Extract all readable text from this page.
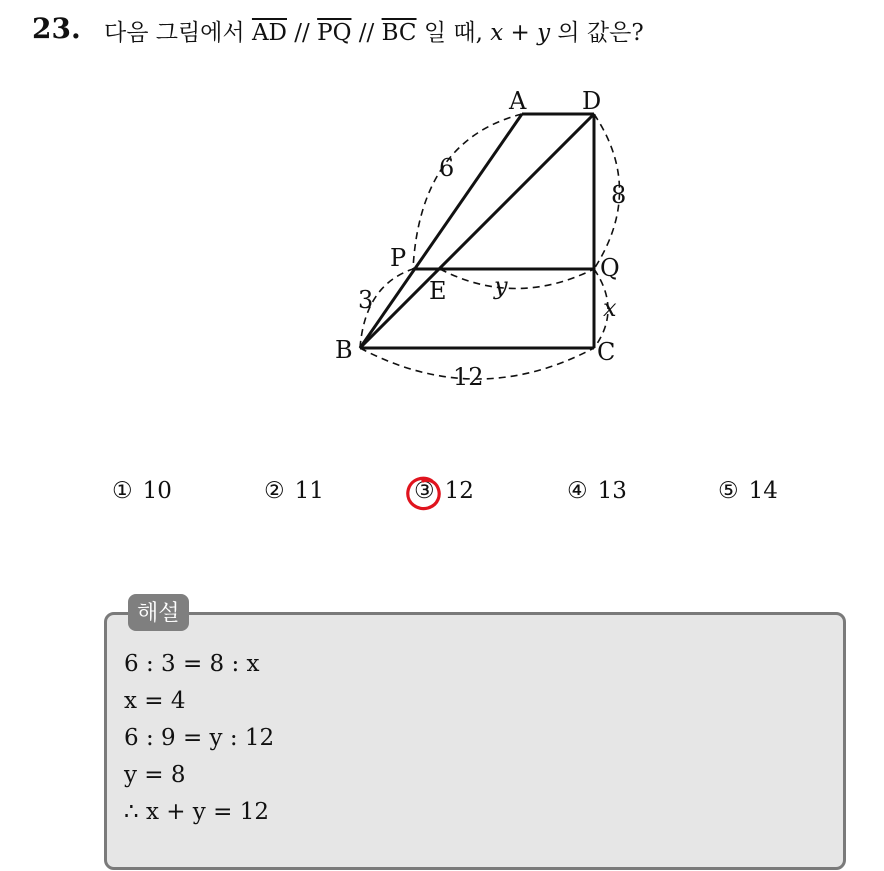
23. 다음 그림에서 $\overline{AD} // \overline{PQ} // \overline{BC}$ 일 때, x + y 의 값은?
A D
P	Q
E
B	C
6
8
3	y
x
12
① 10	② 11	③ 12	④ 13	⑤ 14
해설
6 : 3 = 8 : x
x = 4
6 : 9 = y : 12
y = 8
∴ x + y = 12
